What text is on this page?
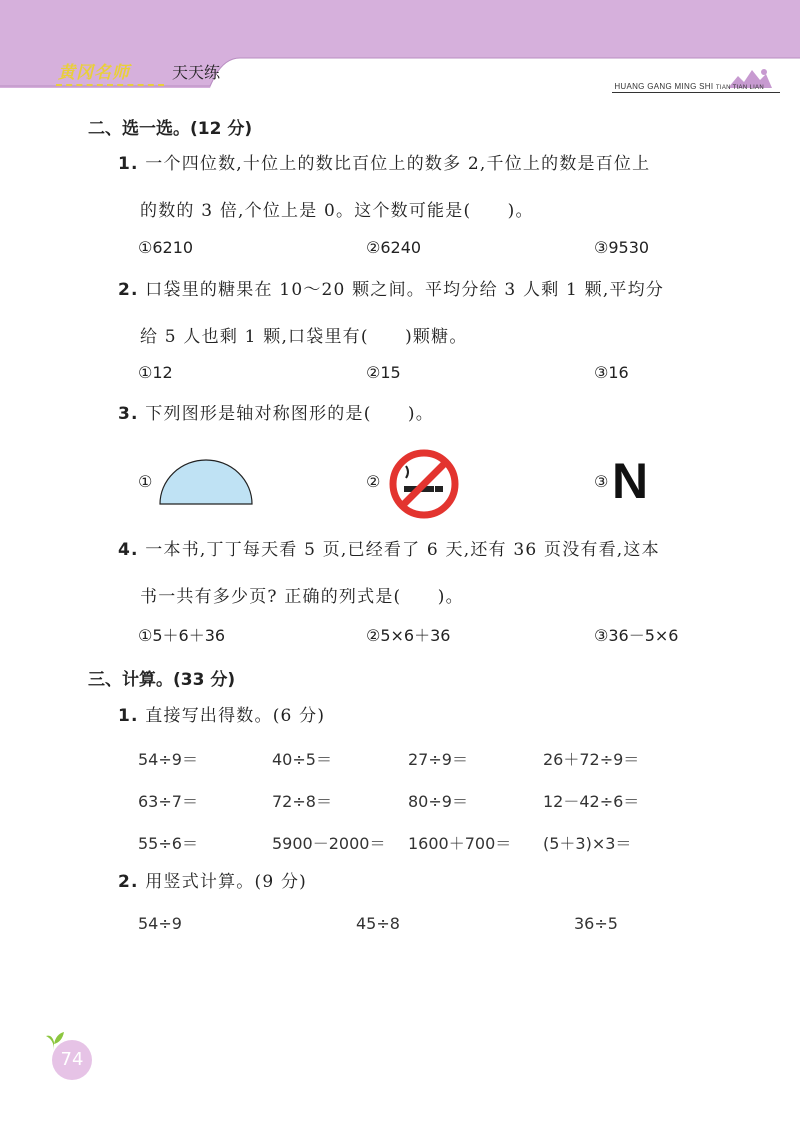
黄冈名师	天天练
HUANG GANG MING SHI TIAN TIAN LIAN
二、选一选。(12 分)
1. 一个四位数,十位上的数比百位上的数多 2,千位上的数是百位上
的数的 3 倍,个位上是 0。这个数可能是(　　)。
①6210	②6240	③9530
2. 口袋里的糖果在 10～20 颗之间。平均分给 3 人剩 1 颗,平均分
给 5 人也剩 1 颗,口袋里有(　　)颗糖。
①12	②15	③16
3. 下列图形是轴对称图形的是(　　)。
①	②	③ N
4. 一本书,丁丁每天看 5 页,已经看了 6 天,还有 36 页没有看,这本
书一共有多少页? 正确的列式是(　　)。
①5＋6＋36	②5×6＋36	③36－5×6
三、计算。(33 分)
1. 直接写出得数。(6 分)
54÷9＝	40÷5＝	27÷9＝	26＋72÷9＝
63÷7＝	72÷8＝	80÷9＝	12－42÷6＝
55÷6＝	5900－2000＝ 1600＋700＝ (5＋3)×3＝
2. 用竖式计算。(9 分)
54÷9	45÷8	36÷5
74
